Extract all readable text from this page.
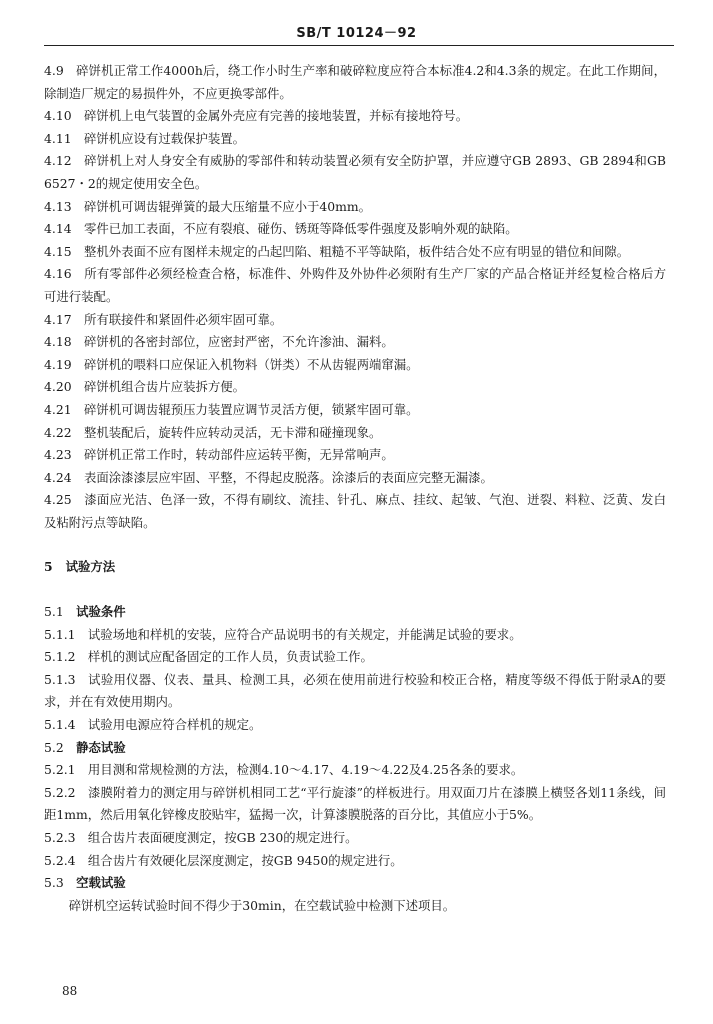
SB/T 10124－92

4.9  碎饼机正常工作4000h后，绕工作小时生产率和破碎粒度应符合本标准4.2和4.3条的规定。在此工作期间，除制造厂规定的易损件外，不应更换零部件。

4.10  碎饼机上电气装置的金属外壳应有完善的接地装置，并标有接地符号。

4.11  碎饼机应设有过载保护装置。

4.12  碎饼机上对人身安全有威胁的零部件和转动装置必须有安全防护罩，并应遵守GB 2893、GB 2894和GB 6527・2的规定使用安全色。

4.13  碎饼机可调齿辊弹簧的最大压缩量不应小于40mm。

4.14  零件已加工表面，不应有裂痕、碰伤、锈斑等降低零件强度及影响外观的缺陷。

4.15  整机外表面不应有图样未规定的凸起凹陷、粗糙不平等缺陷，板件结合处不应有明显的错位和间隙。

4.16  所有零部件必须经检查合格，标准件、外购件及外协件必须附有生产厂家的产品合格证并经复检合格后方可进行装配。

4.17  所有联接件和紧固件必须牢固可靠。

4.18  碎饼机的各密封部位，应密封严密，不允许渗油、漏料。

4.19  碎饼机的喂料口应保证入机物料（饼类）不从齿辊两端窜漏。

4.20  碎饼机组合齿片应装拆方便。

4.21  碎饼机可调齿辊预压力装置应调节灵活方便，锁紧牢固可靠。

4.22  整机装配后，旋转件应转动灵活，无卡滞和碰撞现象。

4.23  碎饼机正常工作时，转动部件应运转平衡，无异常响声。

4.24  表面涂漆漆层应牢固、平整，不得起皮脱落。涂漆后的表面应完整无漏漆。

4.25  漆面应光洁、色泽一致，不得有刷纹、流挂、针孔、麻点、挂纹、起皱、气泡、迸裂、料粒、泛黄、发白及粘附污点等缺陷。

5 试验方法

5.1  试验条件

5.1.1  试验场地和样机的安装，应符合产品说明书的有关规定，并能满足试验的要求。

5.1.2  样机的测试应配备固定的工作人员，负责试验工作。

5.1.3  试验用仪器、仪表、量具、检测工具，必须在使用前进行校验和校正合格，精度等级不得低于附录A的要求，并在有效使用期内。

5.1.4  试验用电源应符合样机的规定。

5.2  静态试验

5.2.1  用目测和常规检测的方法，检测4.10～4.17、4.19～4.22及4.25各条的要求。

5.2.2  漆膜附着力的测定用与碎饼机相同工艺“平行旋漆”的样板进行。用双面刀片在漆膜上横竖各划11条线，间距1mm，然后用氧化锌橡皮胶贴牢，猛揭一次，计算漆膜脱落的百分比，其值应小于5%。

5.2.3  组合齿片表面硬度测定，按GB 230的规定进行。

5.2.4  组合齿片有效硬化层深度测定，按GB 9450的规定进行。

5.3  空载试验

碎饼机空运转试验时间不得少于30min，在空载试验中检测下述项目。

88
